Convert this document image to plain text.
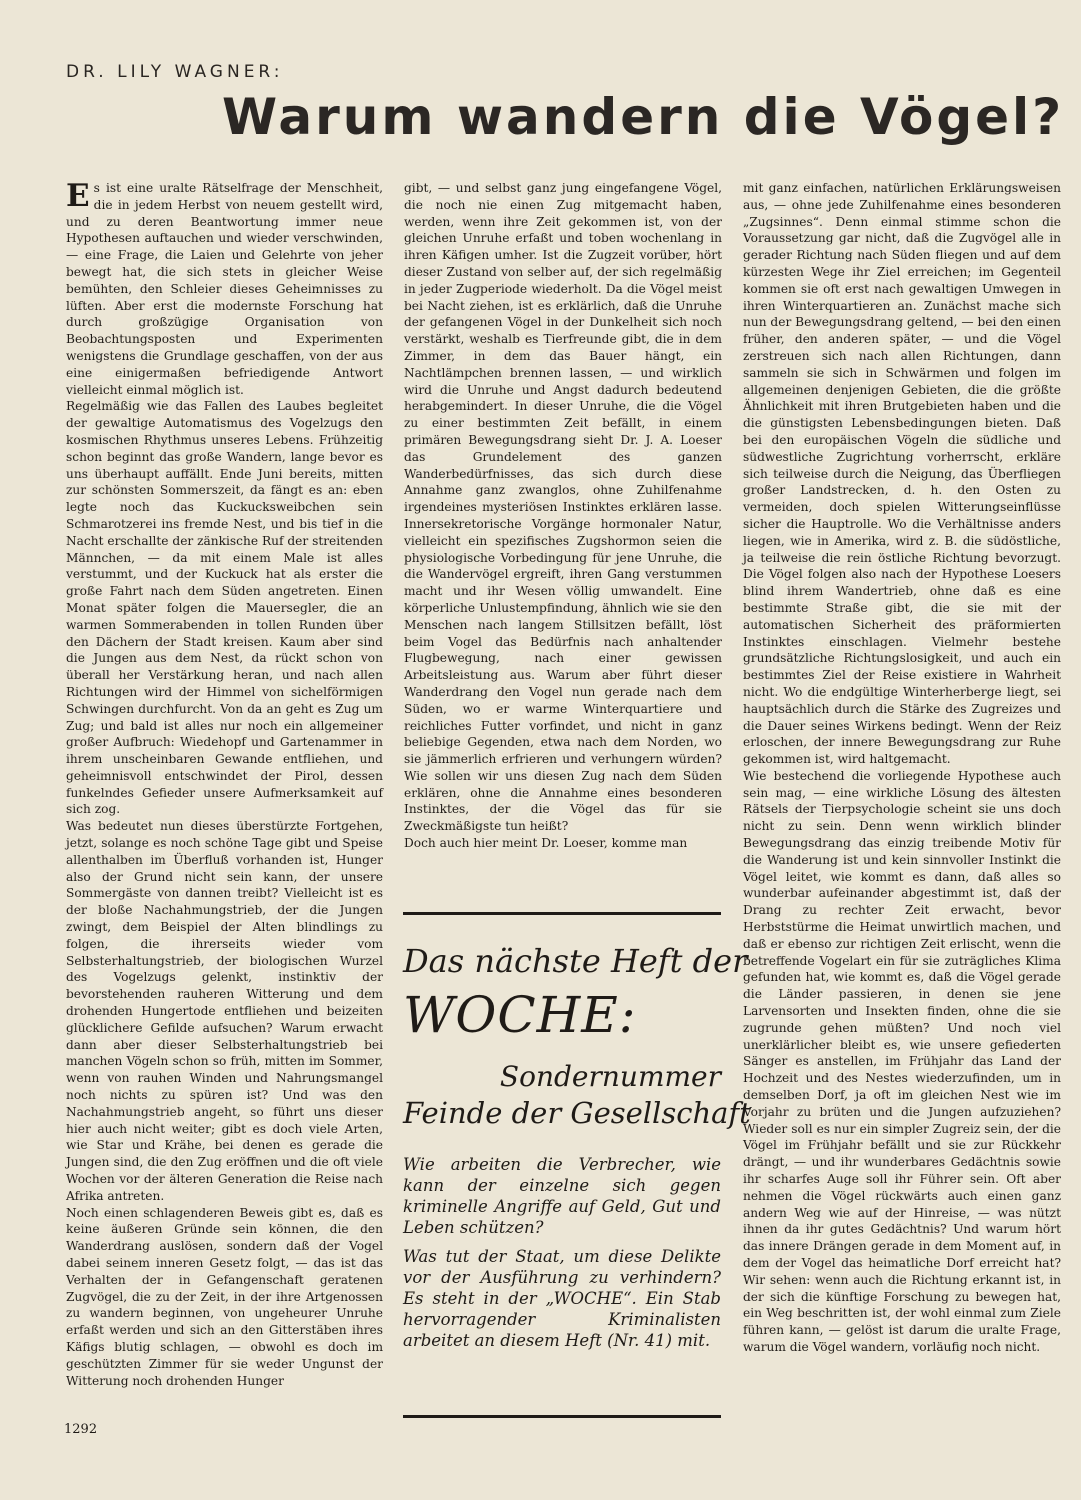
DR. LILY WAGNER:
Warum wandern die Vögel?

Es ist eine uralte Rätselfrage der Menschheit, die in jedem Herbst von neuem gestellt wird, und zu deren Beantwortung immer neue Hypothesen auftauchen und wieder verschwinden, — eine Frage, die Laien und Gelehrte von jeher bewegt hat, die sich stets in gleicher Weise bemühten, den Schleier dieses Geheimnisses zu lüften. Aber erst die modernste Forschung hat durch großzügige Organisation von Beobachtungsposten und Experimenten wenigstens die Grundlage geschaffen, von der aus eine einigermaßen befriedigende Antwort vielleicht einmal möglich ist.

Regelmäßig wie das Fallen des Laubes begleitet der gewaltige Automatismus des Vogelzugs den kosmischen Rhythmus unseres Lebens. Frühzeitig schon beginnt das große Wandern, lange bevor es uns überhaupt auffällt. Ende Juni bereits, mitten zur schönsten Sommerszeit, da fängt es an: eben legte noch das Kuckucksweibchen sein Schmarotzerei ins fremde Nest, und bis tief in die Nacht erschallte der zänkische Ruf der streitenden Männchen, — da mit einem Male ist alles verstummt, und der Kuckuck hat als erster die große Fahrt nach dem Süden angetreten. Einen Monat später folgen die Mauersegler, die an warmen Sommerabenden in tollen Runden über den Dächern der Stadt kreisen. Kaum aber sind die Jungen aus dem Nest, da rückt schon von überall her Verstärkung heran, und nach allen Richtungen wird der Himmel von sichelförmigen Schwingen durchfurcht. Von da an geht es Zug um Zug; und bald ist alles nur noch ein allgemeiner großer Aufbruch: Wiedehopf und Gartenammer in ihrem unscheinbaren Gewande entfliehen, und geheimnisvoll entschwindet der Pirol, dessen funkelndes Gefieder unsere Aufmerksamkeit auf sich zog.

Was bedeutet nun dieses überstürzte Fortgehen, jetzt, solange es noch schöne Tage gibt und Speise allenthalben im Überfluß vorhanden ist, Hunger also der Grund nicht sein kann, der unsere Sommergäste von dannen treibt? Vielleicht ist es der bloße Nachahmungstrieb, der die Jungen zwingt, dem Beispiel der Alten blindlings zu folgen, die ihrerseits wieder vom Selbsterhaltungstrieb, der biologischen Wurzel des Vogelzugs gelenkt, instinktiv der bevorstehenden rauheren Witterung und dem drohenden Hungertode entfliehen und beizeiten glücklichere Gefilde aufsuchen? Warum erwacht dann aber dieser Selbsterhaltungstrieb bei manchen Vögeln schon so früh, mitten im Sommer, wenn von rauhen Winden und Nahrungsmangel noch nichts zu spüren ist? Und was den Nachahmungstrieb angeht, so führt uns dieser hier auch nicht weiter; gibt es doch viele Arten, wie Star und Krähe, bei denen es gerade die Jungen sind, die den Zug eröffnen und die oft viele Wochen vor der älteren Generation die Reise nach Afrika antreten.

Noch einen schlagenderen Beweis gibt es, daß es keine äußeren Gründe sein können, die den Wanderdrang auslösen, sondern daß der Vogel dabei seinem inneren Gesetz folgt, — das ist das Verhalten der in Gefangenschaft geratenen Zugvögel, die zu der Zeit, in der ihre Artgenossen zu wandern beginnen, von ungeheurer Unruhe erfaßt werden und sich an den Gitterstäben ihres Käfigs blutig schlagen, — obwohl es doch im geschützten Zimmer für sie weder Ungunst der Witterung noch drohenden Hunger

gibt, — und selbst ganz jung eingefangene Vögel, die noch nie einen Zug mitgemacht haben, werden, wenn ihre Zeit gekommen ist, von der gleichen Unruhe erfaßt und toben wochenlang in ihren Käfigen umher. Ist die Zugzeit vorüber, hört dieser Zustand von selber auf, der sich regelmäßig in jeder Zugperiode wiederholt. Da die Vögel meist bei Nacht ziehen, ist es erklärlich, daß die Unruhe der gefangenen Vögel in der Dunkelheit sich noch verstärkt, weshalb es Tierfreunde gibt, die in dem Zimmer, in dem das Bauer hängt, ein Nachtlämpchen brennen lassen, — und wirklich wird die Unruhe und Angst dadurch bedeutend herabgemindert. In dieser Unruhe, die die Vögel zu einer bestimmten Zeit befällt, in einem primären Bewegungsdrang sieht Dr. J. A. Loeser das Grundelement des ganzen Wanderbedürfnisses, das sich durch diese Annahme ganz zwanglos, ohne Zuhilfenahme irgendeines mysteriösen Instinktes erklären lasse. Innersekretorische Vorgänge hormonaler Natur, vielleicht ein spezifisches Zugshormon seien die physiologische Vorbedingung für jene Unruhe, die die Wandervögel ergreift, ihren Gang verstummen macht und ihr Wesen völlig umwandelt. Eine körperliche Unlustempfindung, ähnlich wie sie den Menschen nach langem Stillsitzen befällt, löst beim Vogel das Bedürfnis nach anhaltender Flugbewegung, nach einer gewissen Arbeitsleistung aus. Warum aber führt dieser Wanderdrang den Vogel nun gerade nach dem Süden, wo er warme Winterquartiere und reichliches Futter vorfindet, und nicht in ganz beliebige Gegenden, etwa nach dem Norden, wo sie jämmerlich erfrieren und verhungern würden? Wie sollen wir uns diesen Zug nach dem Süden erklären, ohne die Annahme eines besonderen Instinktes, der die Vögel das für sie Zweckmäßigste tun heißt?

Doch auch hier meint Dr. Loeser, komme man

Das nächste Heft der
WOCHE:
Sondernummer
Feinde der Gesellschaft
Wie arbeiten die Verbrecher, wie kann der einzelne sich gegen kriminelle Angriffe auf Geld, Gut und Leben schützen?
Was tut der Staat, um diese Delikte vor der Ausführung zu verhindern? Es steht in der „WOCHE“. Ein Stab hervorragender Kriminalisten arbeitet an diesem Heft (Nr. 41) mit.

mit ganz einfachen, natürlichen Erklärungsweisen aus, — ohne jede Zuhilfenahme eines besonderen „Zugsinnes“. Denn einmal stimme schon die Voraussetzung gar nicht, daß die Zugvögel alle in gerader Richtung nach Süden fliegen und auf dem kürzesten Wege ihr Ziel erreichen; im Gegenteil kommen sie oft erst nach gewaltigen Umwegen in ihren Winterquartieren an. Zunächst mache sich nun der Bewegungsdrang geltend, — bei den einen früher, den anderen später, — und die Vögel zerstreuen sich nach allen Richtungen, dann sammeln sie sich in Schwärmen und folgen im allgemeinen denjenigen Gebieten, die die größte Ähnlichkeit mit ihren Brutgebieten haben und die die günstigsten Lebensbedingungen bieten. Daß bei den europäischen Vögeln die südliche und südwestliche Zugrichtung vorherrscht, erkläre sich teilweise durch die Neigung, das Überfliegen großer Landstrecken, d. h. den Osten zu vermeiden, doch spielen Witterungseinflüsse sicher die Hauptrolle. Wo die Verhältnisse anders liegen, wie in Amerika, wird z. B. die südöstliche, ja teilweise die rein östliche Richtung bevorzugt. Die Vögel folgen also nach der Hypothese Loesers blind ihrem Wandertrieb, ohne daß es eine bestimmte Straße gibt, die sie mit der automatischen Sicherheit des präformierten Instinktes einschlagen. Vielmehr bestehe grundsätzliche Richtungslosigkeit, und auch ein bestimmtes Ziel der Reise existiere in Wahrheit nicht. Wo die endgültige Winterherberge liegt, sei hauptsächlich durch die Stärke des Zugreizes und die Dauer seines Wirkens bedingt. Wenn der Reiz erloschen, der innere Bewegungsdrang zur Ruhe gekommen ist, wird haltgemacht.

Wie bestechend die vorliegende Hypothese auch sein mag, — eine wirkliche Lösung des ältesten Rätsels der Tierpsychologie scheint sie uns doch nicht zu sein. Denn wenn wirklich blinder Bewegungsdrang das einzig treibende Motiv für die Wanderung ist und kein sinnvoller Instinkt die Vögel leitet, wie kommt es dann, daß alles so wunderbar aufeinander abgestimmt ist, daß der Drang zu rechter Zeit erwacht, bevor Herbststürme die Heimat unwirtlich machen, und daß er ebenso zur richtigen Zeit erlischt, wenn die betreffende Vogelart ein für sie zuträgliches Klima gefunden hat, wie kommt es, daß die Vögel gerade die Länder passieren, in denen sie jene Larvensorten und Insekten finden, ohne die sie zugrunde gehen müßten? Und noch viel unerklärlicher bleibt es, wie unsere gefiederten Sänger es anstellen, im Frühjahr das Land der Hochzeit und des Nestes wiederzufinden, um in demselben Dorf, ja oft im gleichen Nest wie im Vorjahr zu brüten und die Jungen aufzuziehen? Wieder soll es nur ein simpler Zugreiz sein, der die Vögel im Frühjahr befällt und sie zur Rückkehr drängt, — und ihr wunderbares Gedächtnis sowie ihr scharfes Auge soll ihr Führer sein. Oft aber nehmen die Vögel rückwärts auch einen ganz andern Weg wie auf der Hinreise, — was nützt ihnen da ihr gutes Gedächtnis? Und warum hört das innere Drängen gerade in dem Moment auf, in dem der Vogel das heimatliche Dorf erreicht hat? Wir sehen: wenn auch die Richtung erkannt ist, in der sich die künftige Forschung zu bewegen hat, ein Weg beschritten ist, der wohl einmal zum Ziele führen kann, — gelöst ist darum die uralte Frage, warum die Vögel wandern, vorläufig noch nicht.

1292
